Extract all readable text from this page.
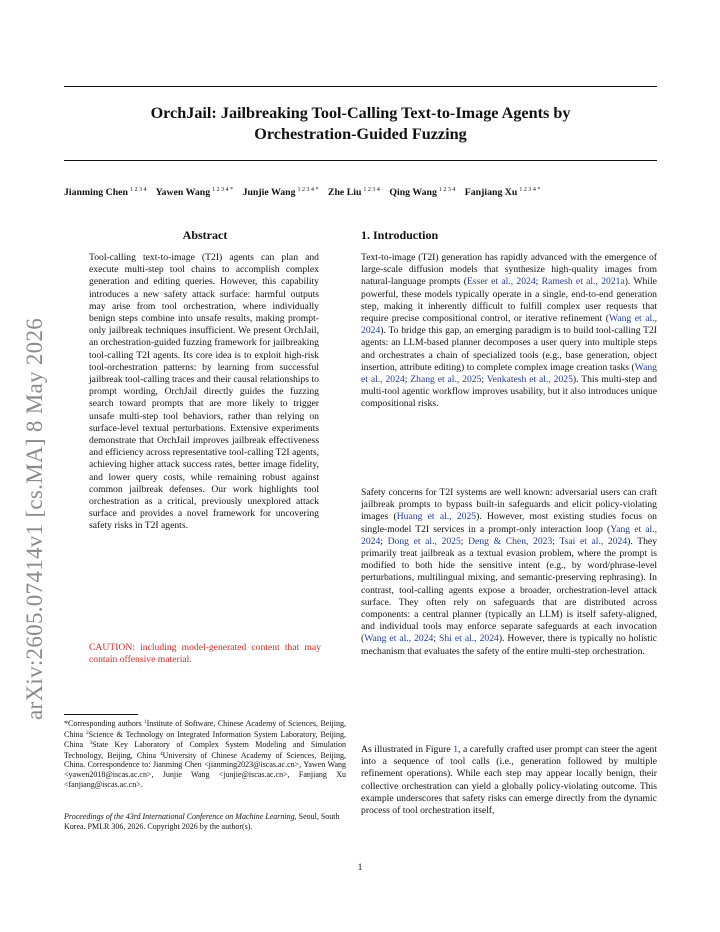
arXiv:2605.07414v1 [cs.MA] 8 May 2026
OrchJail: Jailbreaking Tool-Calling Text-to-Image Agents by
Orchestration-Guided Fuzzing
Jianming Chen $^{1 2 3 4}$ Yawen Wang $^{1 2 3 4 *}$ Junjie Wang $^{1 2 3 4 *}$ Zhe Liu $^{1 2 3 4}$ Qing Wang $^{1 2 3 4}$ Fanjiang Xu $^{1 2 3 4 *}$
Abstract
Tool-calling text-to-image (T2I) agents can plan and execute multi-step tool chains to accomplish complex generation and editing queries. However, this capability introduces a new safety attack surface: harmful outputs may arise from tool orchestration, where individually benign steps combine into unsafe results, making prompt-only jailbreak techniques insufficient. We present OrchJail, an orchestration-guided fuzzing framework for jailbreaking tool-calling T2I agents. Its core idea is to exploit high-risk tool-orchestration patterns: by learning from successful jailbreak tool-calling traces and their causal relationships to prompt wording, OrchJail directly guides the fuzzing search toward prompts that are more likely to trigger unsafe multi-step tool behaviors, rather than relying on surface-level textual perturbations. Extensive experiments demonstrate that OrchJail improves jailbreak effectiveness and efficiency across representative tool-calling T2I agents, achieving higher attack success rates, better image fidelity, and lower query costs, while remaining robust against common jailbreak defenses. Our work highlights tool orchestration as a critical, previously unexplored attack surface and provides a novel framework for uncovering safety risks in T2I agents.
CAUTION: including model-generated content that may contain offensive material.
*Corresponding authors $^1$Institute of Software, Chinese Academy of Sciences, Beijing, China $^2$Science & Technology on Integrated Information System Laboratory, Beijing, China $^3$State Key Laboratory of Complex System Modeling and Simulation Technology, Beijing, China $^4$University of Chinese Academy of Sciences, Beijing, China. Correspondence to: Jianming Chen <jianming2023@iscas.ac.cn>, Yawen Wang <yawen2018@iscas.ac.cn>, Junjie Wang <junjie@iscas.ac.cn>, Fanjiang Xu <fanjiang@iscas.ac.cn>.
Proceedings of the 43rd International Conference on Machine Learning, Seoul, South Korea. PMLR 306, 2026. Copyright 2026 by the author(s).
1. Introduction
Text-to-image (T2I) generation has rapidly advanced with the emergence of large-scale diffusion models that synthesize high-quality images from natural-language prompts (Esser et al., 2024; Ramesh et al., 2021a). While powerful, these models typically operate in a single, end-to-end generation step, making it inherently difficult to fulfill complex user requests that require precise compositional control, or iterative refinement (Wang et al., 2024). To bridge this gap, an emerging paradigm is to build tool-calling T2I agents: an LLM-based planner decomposes a user query into multiple steps and orchestrates a chain of specialized tools (e.g., base generation, object insertion, attribute editing) to complete complex image creation tasks (Wang et al., 2024; Zhang et al., 2025; Venkatesh et al., 2025). This multi-step and multi-tool agentic workflow improves usability, but it also introduces unique compositional risks.
Safety concerns for T2I systems are well known: adversarial users can craft jailbreak prompts to bypass built-in safeguards and elicit policy-violating images (Huang et al., 2025). However, most existing studies focus on single-model T2I services in a prompt-only interaction loop (Yang et al., 2024; Dong et al., 2025; Deng & Chen, 2023; Tsai et al., 2024). They primarily treat jailbreak as a textual evasion problem, where the prompt is modified to both hide the sensitive intent (e.g., by word/phrase-level perturbations, multilingual mixing, and semantic-preserving rephrasing). In contrast, tool-calling agents expose a broader, orchestration-level attack surface. They often rely on safeguards that are distributed across components: a central planner (typically an LLM) is itself safety-aligned, and individual tools may enforce separate safeguards at each invocation (Wang et al., 2024; Shi et al., 2024). However, there is typically no holistic mechanism that evaluates the safety of the entire multi-step orchestration.
As illustrated in Figure 1, a carefully crafted user prompt can steer the agent into a sequence of tool calls (i.e., generation followed by multiple refinement operations). While each step may appear locally benign, their collective orchestration can yield a globally policy-violating outcome. This example underscores that safety risks can emerge directly from the dynamic process of tool orchestration itself,
1
